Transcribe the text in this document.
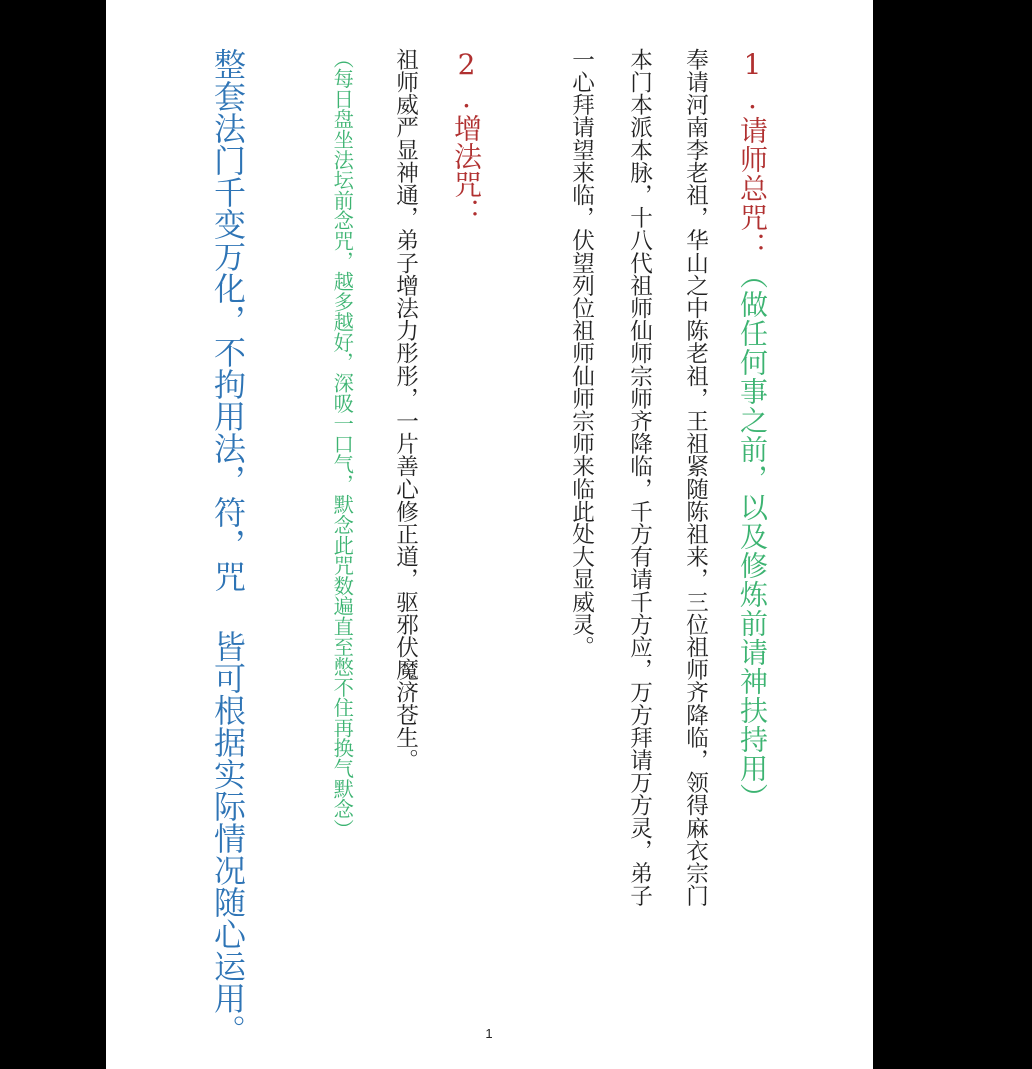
1.请师总咒：（做任何事之前，以及修炼前请神扶持用）
奉请河南李老祖，华山之中陈老祖，王祖紧随陈祖来，三位祖师齐降临，领得麻衣宗门
本门本派本脉，十八代祖师仙师宗师齐降临，千方有请千方应，万方拜请万方灵，弟子
一心拜请望来临，伏望列位祖师仙师宗师来临此处大显威灵。
2.增法咒：
祖师威严显神通，弟子增法力彤彤，一片善心修正道，驱邪伏魔济苍生。
（每日盘坐法坛前念咒，越多越好，深吸一口气，默念此咒数遍直至憋不住再换气默念）
整套法门千变万化，不拘用法，符，咒 皆可根据实际情况随心运用。	1
